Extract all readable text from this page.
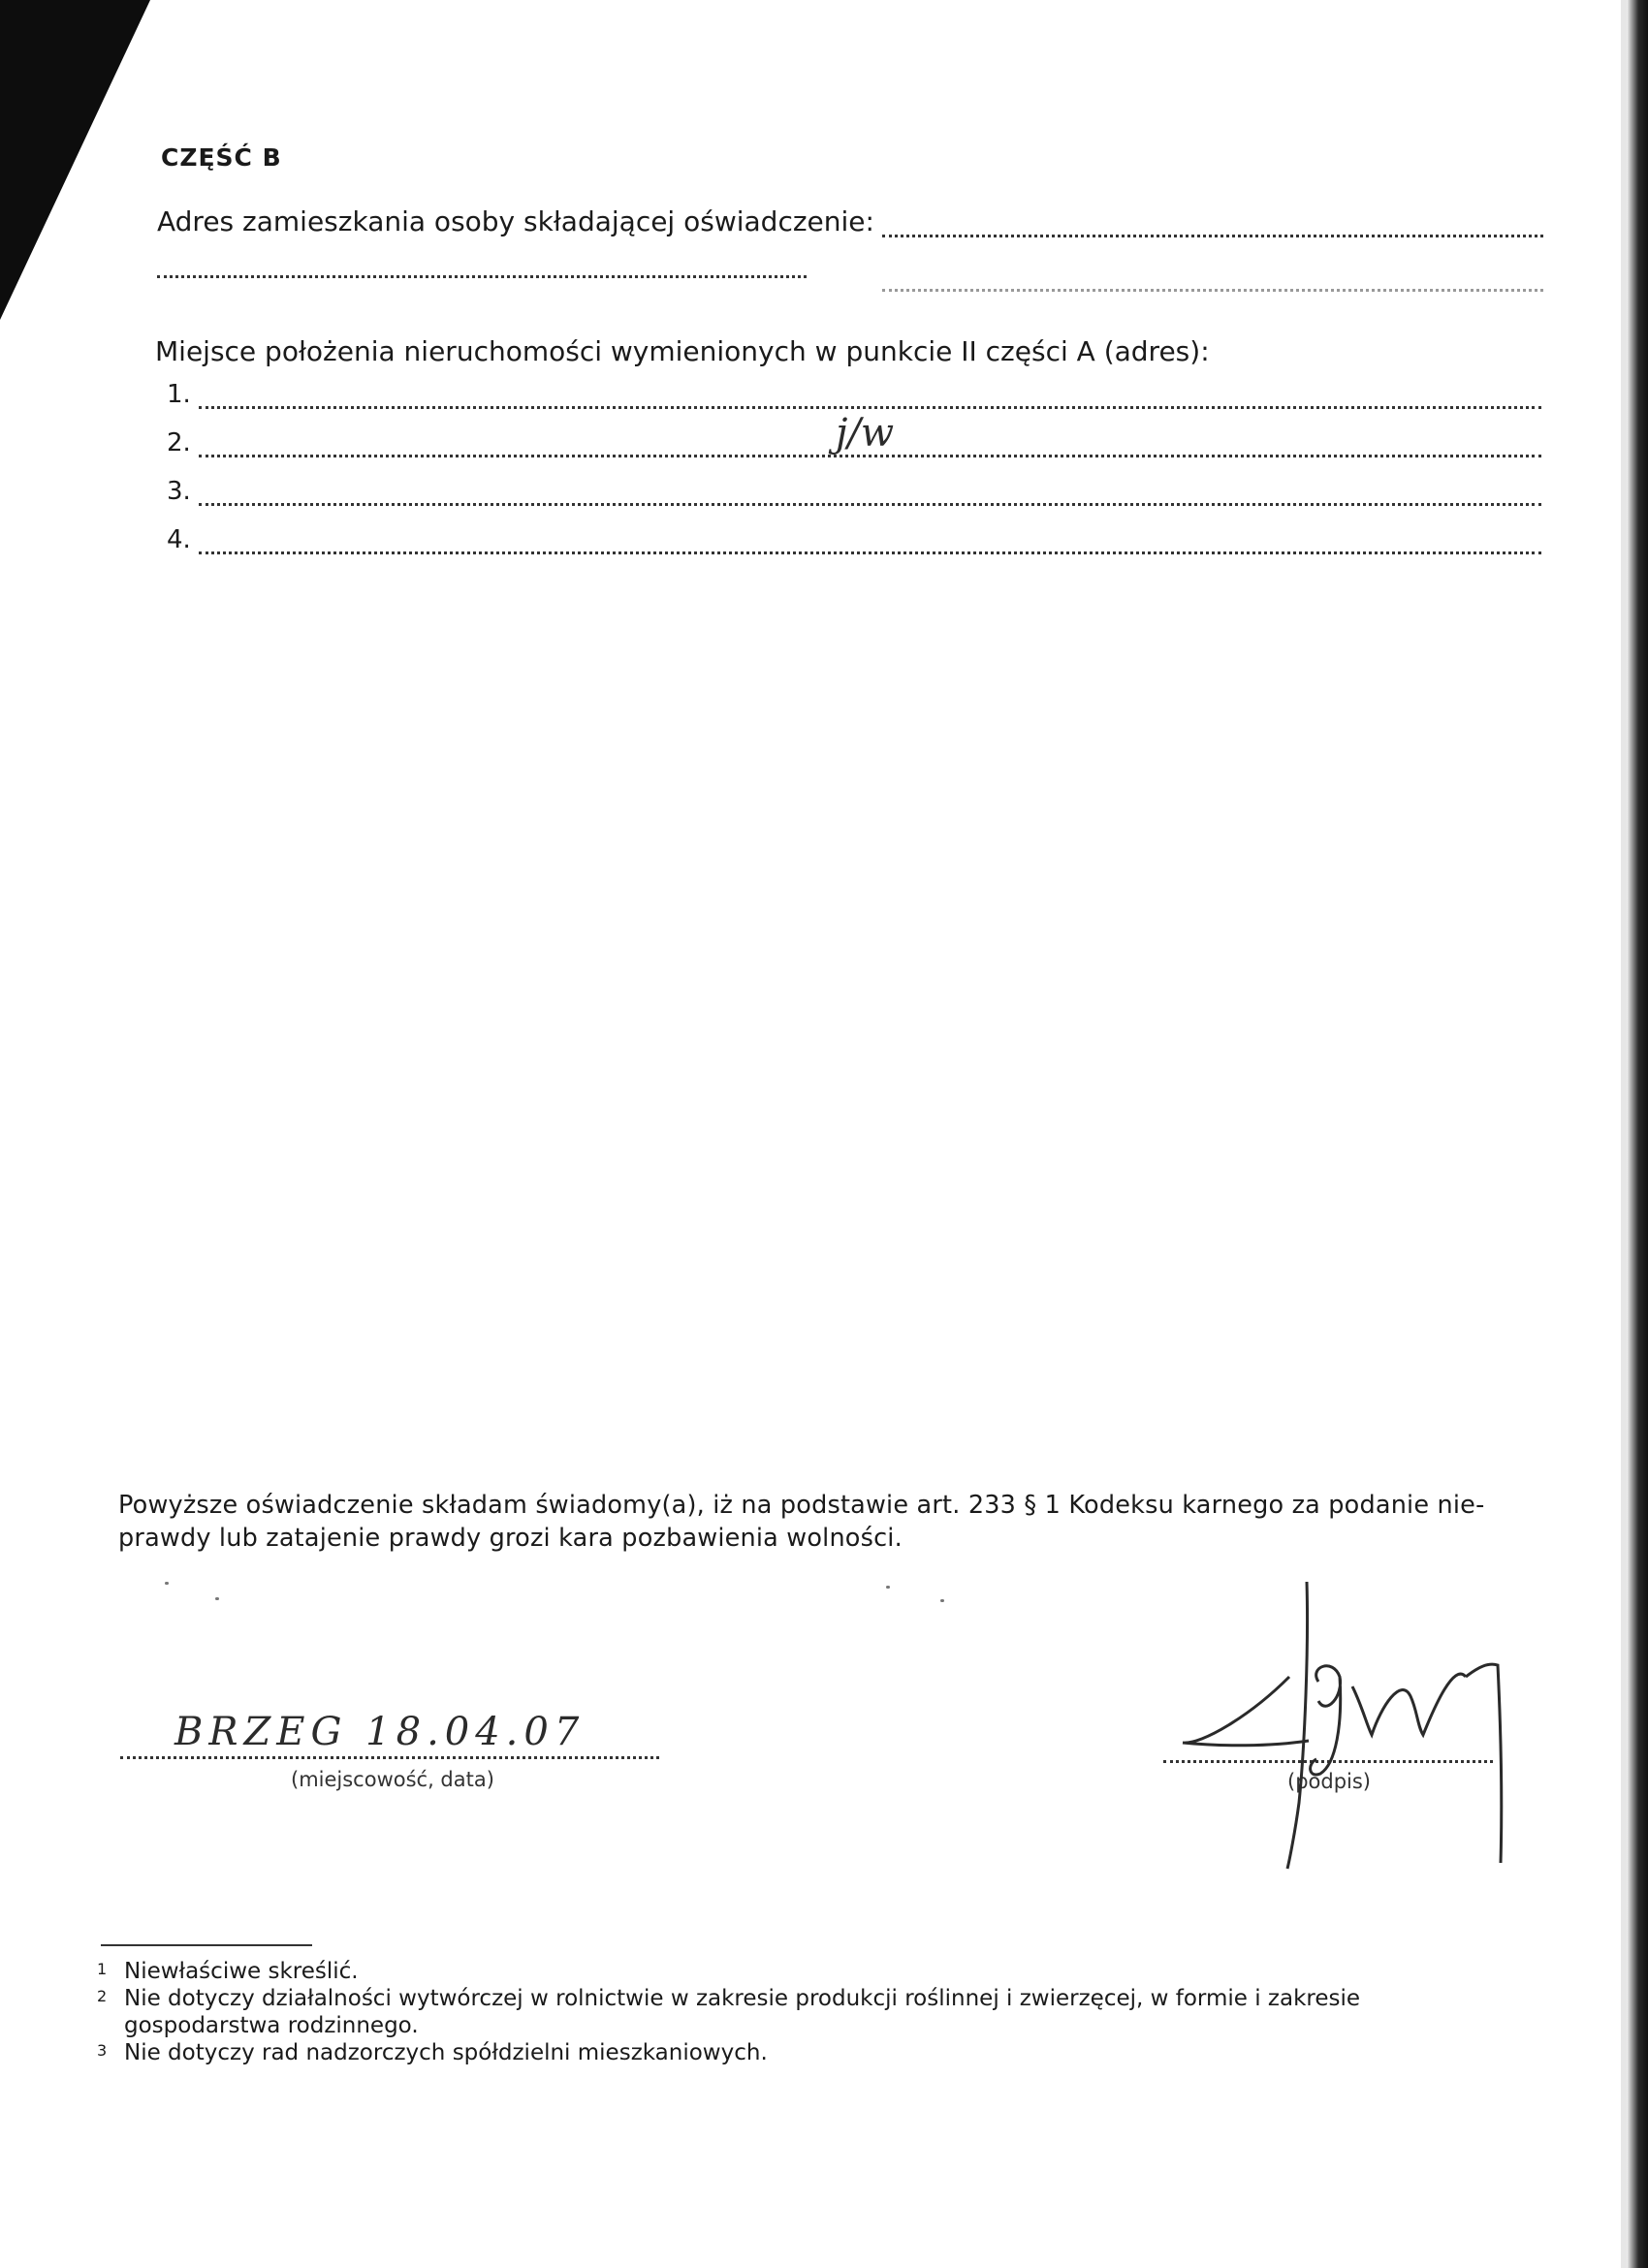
CZĘŚĆ B
Adres zamieszkania osoby składającej oświadczenie:
Miejsce położenia nieruchomości wymienionych w punkcie II części A (adres):
1.
2.	j/w
3.
4.
Powyższe oświadczenie składam świadomy(a), iż na podstawie art. 233 § 1 Kodeksu karnego za podanie nie-
prawdy lub zatajenie prawdy grozi kara pozbawienia wolności.
BRZEG 18.04.07
(miejscowość, data)	(podpis)
1 Niewłaściwe skreślić.
2 Nie dotyczy działalności wytwórczej w rolnictwie w zakresie produkcji roślinnej i zwierzęcej, w formie i zakresie gospodarstwa rodzinnego.
3 Nie dotyczy rad nadzorczych spółdzielni mieszkaniowych.
